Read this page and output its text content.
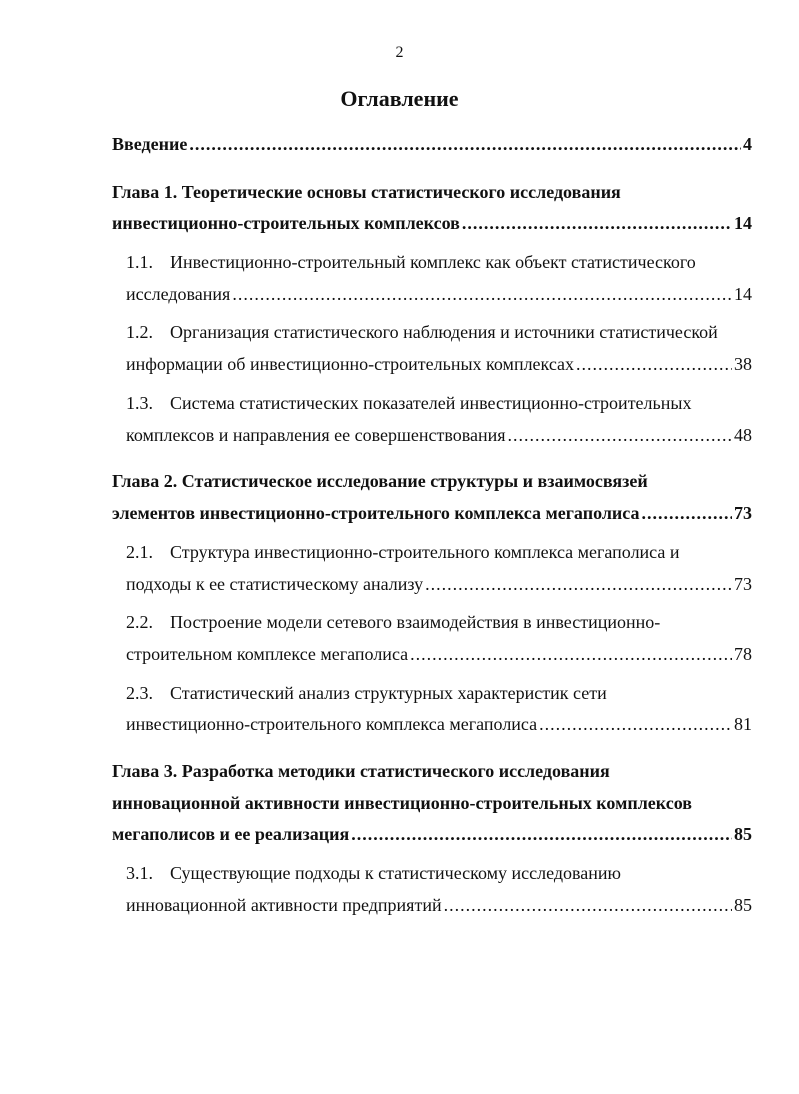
2
Оглавление
Введение .....	4
Глава 1. Теоретические основы статистического исследования
инвестиционно-строительных комплексов .....	14
1.1. Инвестиционно-строительный комплекс как объект статистического
исследования .....	14
1.2. Организация статистического наблюдения и источники статистической
информации об инвестиционно-строительных комплексах .....	38
1.3. Система статистических показателей инвестиционно-строительных
комплексов и направления ее совершенствования .....	48
Глава 2. Статистическое исследование структуры и взаимосвязей
элементов инвестиционно-строительного комплекса мегаполиса .....	73
2.1. Структура инвестиционно-строительного комплекса мегаполиса и
подходы к ее статистическому анализу .....	73
2.2. Построение модели сетевого взаимодействия в инвестиционно-
строительном комплексе мегаполиса .....	78
2.3. Статистический анализ структурных характеристик сети
инвестиционно-строительного комплекса мегаполиса .....	81
Глава 3. Разработка методики статистического исследования
инновационной активности инвестиционно-строительных комплексов
мегаполисов и ее реализация .....	85
3.1. Существующие подходы к статистическому исследованию
инновационной активности предприятий .....	85
